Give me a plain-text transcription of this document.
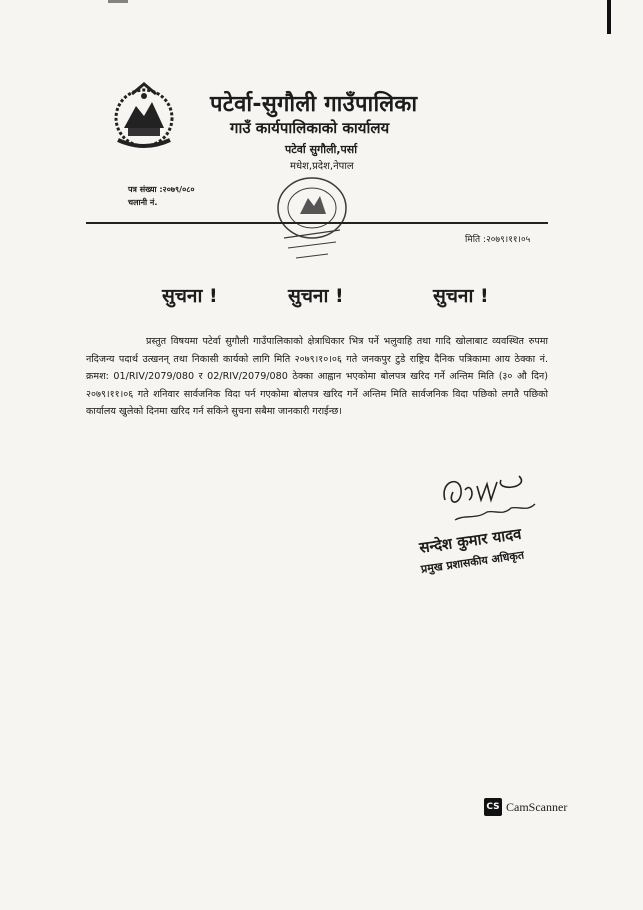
पटेर्वा-सुगौली गाउँपालिका
गाउँ कार्यपालिकाको कार्यालय
पटेर्वा सुगौली,पर्सा
मधेश,प्रदेश,नेपाल
पत्र संख्या :२०७९/०८०
चलानी नं.
मिति :२०७९।११।०५
सुचना !	सुचना !	सुचना !
प्रस्तुत विषयमा पटेर्वा सुगौली गाउँपालिकाको क्षेत्राधिकार भित्र पर्ने भलुवाहि तथा गादि खोलाबाट व्यवस्थित रुपमा नदिजन्य पदार्थ उत्खनन् तथा निकासी कार्यको लागि मिति २०७९।१०।०६ गते जनकपुर टुडे राष्ट्रिय दैनिक पत्रिकामा आय ठेक्का नं. क्रमश: 01/RIV/2079/080 र 02/RIV/2079/080 ठेक्का आह्वान भएकोमा बोलपत्र खरिद गर्ने अन्तिम मिति (३० औ दिन) २०७९।११।०६ गते शनिवार सार्वजनिक विदा पर्न गएकोमा बोलपत्र खरिद गर्ने अन्तिम मिति सार्वजनिक विदा पछिको लगतै पछिको कार्यालय खुलेको दिनमा खरिद गर्न सकिने सुचना सबैमा जानकारी गराईन्छ।
सन्देश कुमार यादव
प्रमुख प्रशासकीय अधिकृत
CS CamScanner
